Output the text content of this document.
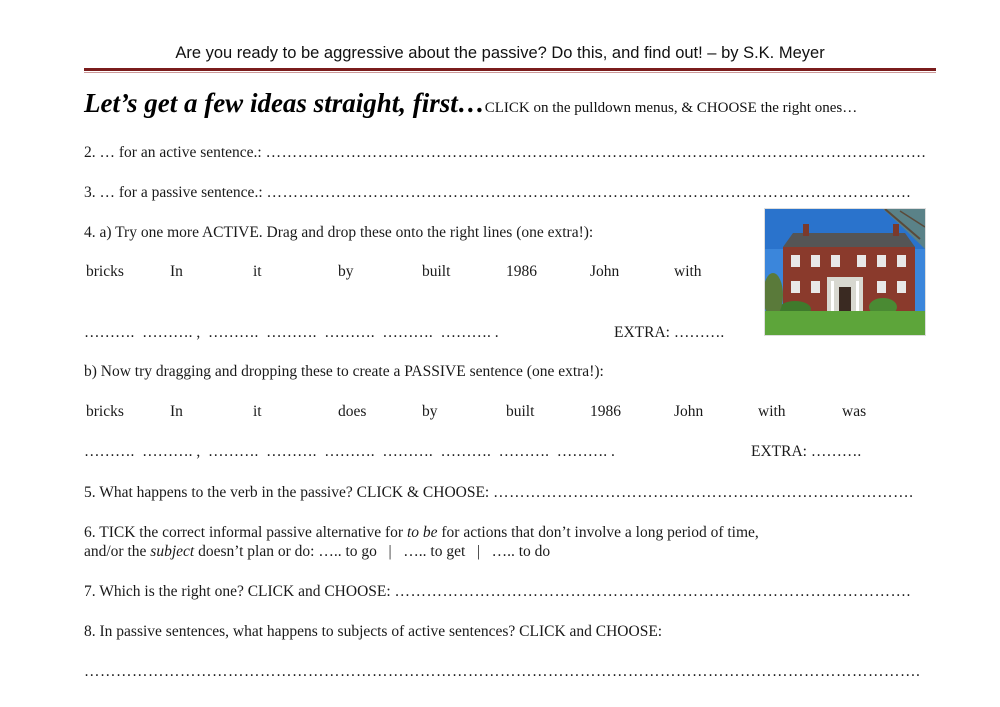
Are you ready to be aggressive about the passive? Do this, and find out! – by S.K. Meyer
Let’s get a few ideas straight, first…CLICK on the pulldown menus, & CHOOSE the right ones…
2. … for an active sentence.: …………………………………………………………………………………………………………….
3. … for a passive sentence.: ………………………………………………………………………………………………………….
4. a) Try one more ACTIVE. Drag and drop these onto the right lines (one extra!):
bricks	In	it	by	built	1986	John	with
………. ………. , ………. ………. ………. ………. ………. .	EXTRA: ……….
b) Now try dragging and dropping these to create a PASSIVE sentence (one extra!):
bricks	In	it	does	by	built	1986	John	with	was
………. ………. , ………. ………. ………. ………. ………. ………. ………. .	EXTRA: ……….
5. What happens to the verb in the passive? CLICK & CHOOSE: …………………………………………………………………….
6. TICK the correct informal passive alternative for to be for actions that don’t involve a long period of time,
and/or the subject doesn’t plan or do: ….. to go | ….. to get | ….. to do
7. Which is the right one? CLICK and CHOOSE: …………………………………………………………………………………….
8. In passive sentences, what happens to subjects of active sentences? CLICK and CHOOSE:
………………………………………………………………………………………………………………………………………….
